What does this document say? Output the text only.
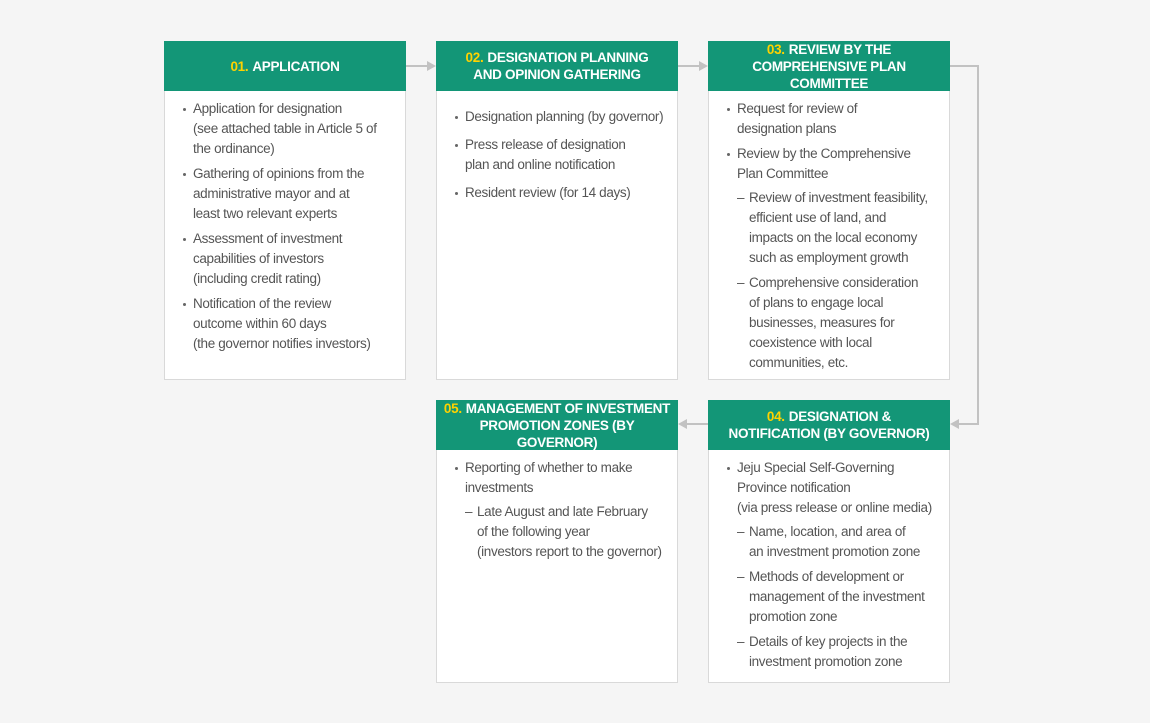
01. APPLICATION
Application for designation
(see attached table in Article 5 of
the ordinance)
Gathering of opinions from the
administrative mayor and at
least two relevant experts
Assessment of investment
capabilities of investors
(including credit rating)
Notification of the review
outcome within 60 days
(the governor notifies investors)
02. DESIGNATION PLANNING
AND OPINION GATHERING
Designation planning (by governor)
Press release of designation
plan and online notification
Resident review (for 14 days)
03. REVIEW BY THE
COMPREHENSIVE PLAN COMMITTEE
Request for review of
designation plans
Review by the Comprehensive
Plan Committee
– Review of investment feasibility,
efficient use of land, and
impacts on the local economy
such as employment growth
– Comprehensive consideration
of plans to engage local
businesses, measures for
coexistence with local
communities, etc.
04. DESIGNATION &
NOTIFICATION (BY GOVERNOR)
Jeju Special Self-Governing
Province notification
(via press release or online media)
– Name, location, and area of
an investment promotion zone
– Methods of development or
management of the investment
promotion zone
– Details of key projects in the
investment promotion zone
05. MANAGEMENT OF INVESTMENT
PROMOTION ZONES (BY GOVERNOR)
Reporting of whether to make
investments
– Late August and late February
of the following year
(investors report to the governor)
